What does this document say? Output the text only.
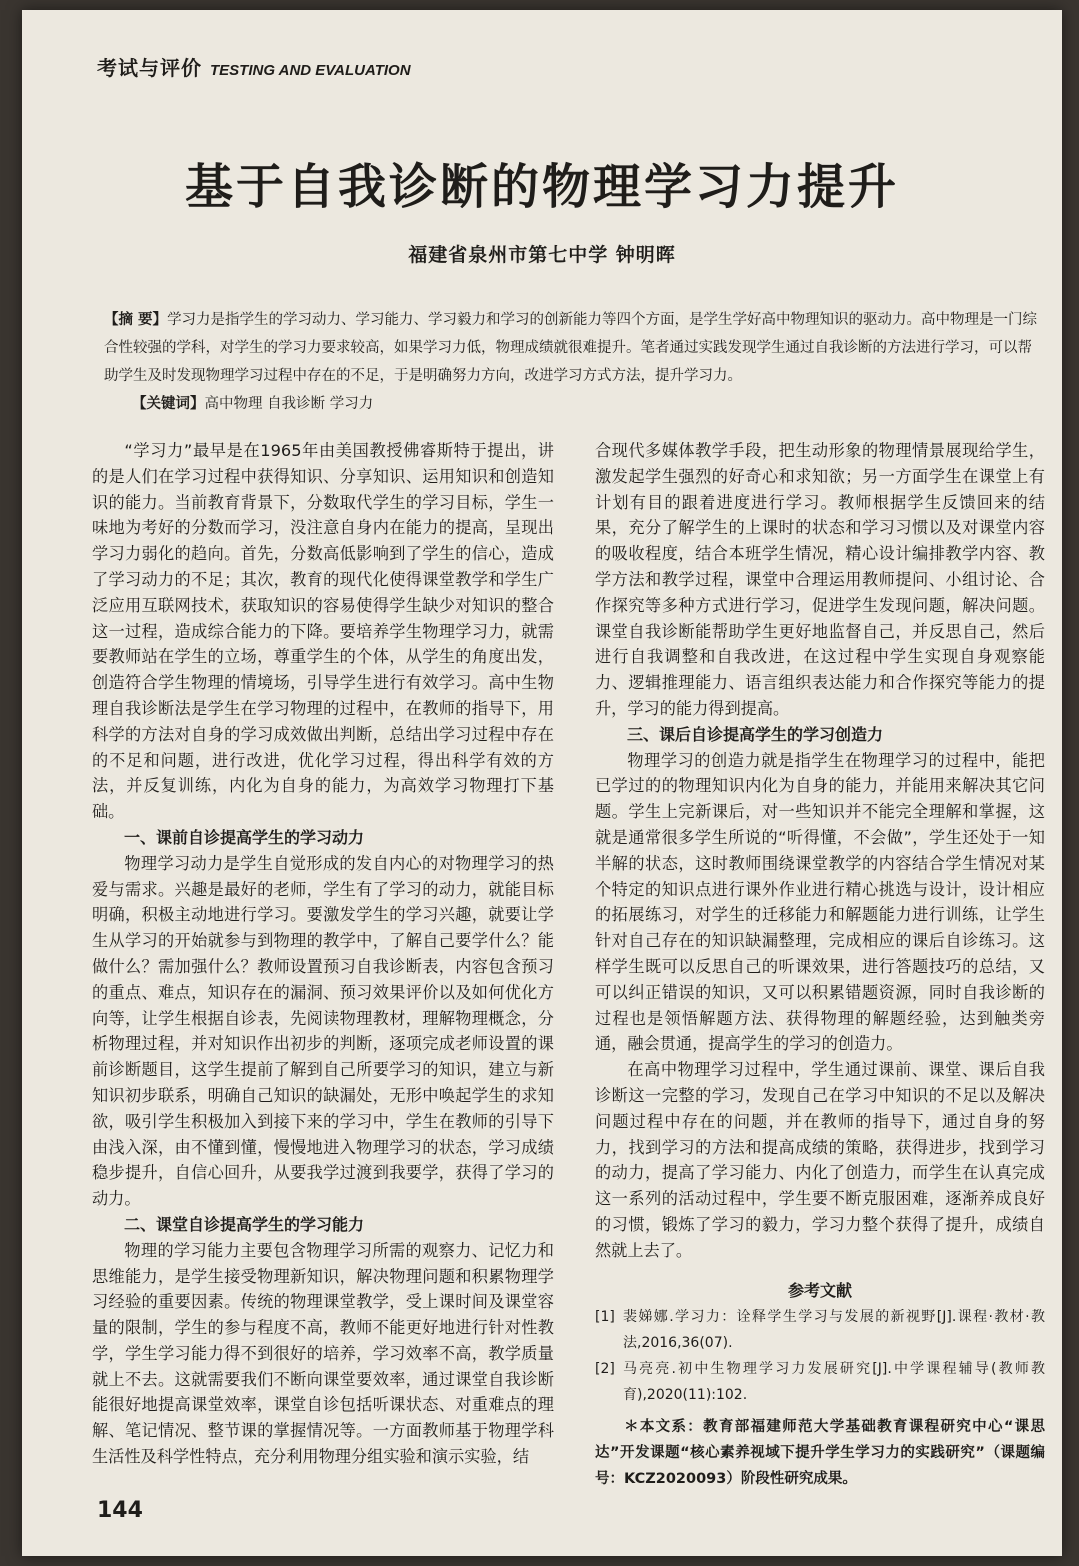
考试与评价 TESTING AND EVALUATION
基于自我诊断的物理学习力提升
福建省泉州市第七中学 钟明晖
【摘 要】学习力是指学生的学习动力、学习能力、学习毅力和学习的创新能力等四个方面，是学生学好高中物理知识的驱动力。高中物理是一门综合性较强的学科，对学生的学习力要求较高，如果学习力低，物理成绩就很难提升。笔者通过实践发现学生通过自我诊断的方法进行学习，可以帮助学生及时发现物理学习过程中存在的不足，于是明确努力方向，改进学习方式方法，提升学习力。
【关键词】高中物理 自我诊断 学习力

“学习力”最早是在1965年由美国教授佛睿斯特于提出，讲的是人们在学习过程中获得知识、分享知识、运用知识和创造知识的能力。当前教育背景下，分数取代学生的学习目标，学生一味地为考好的分数而学习，没注意自身内在能力的提高，呈现出学习力弱化的趋向。首先，分数高低影响到了学生的信心，造成了学习动力的不足；其次，教育的现代化使得课堂教学和学生广泛应用互联网技术，获取知识的容易使得学生缺少对知识的整合这一过程，造成综合能力的下降。要培养学生物理学习力，就需要教师站在学生的立场，尊重学生的个体，从学生的角度出发，创造符合学生物理的情境场，引导学生进行有效学习。高中生物理自我诊断法是学生在学习物理的过程中，在教师的指导下，用科学的方法对自身的学习成效做出判断，总结出学习过程中存在的不足和问题，进行改进，优化学习过程，得出科学有效的方法，并反复训练，内化为自身的能力，为高效学习物理打下基础。

一、课前自诊提高学生的学习动力

物理学习动力是学生自觉形成的发自内心的对物理学习的热爱与需求。兴趣是最好的老师，学生有了学习的动力，就能目标明确，积极主动地进行学习。要激发学生的学习兴趣，就要让学生从学习的开始就参与到物理的教学中，了解自己要学什么？能做什么？需加强什么？教师设置预习自我诊断表，内容包含预习的重点、难点，知识存在的漏洞、预习效果评价以及如何优化方向等，让学生根据自诊表，先阅读物理教材，理解物理概念，分析物理过程，并对知识作出初步的判断，逐项完成老师设置的课前诊断题目，这学生提前了解到自己所要学习的知识，建立与新知识初步联系，明确自己知识的缺漏处，无形中唤起学生的求知欲，吸引学生积极加入到接下来的学习中，学生在教师的引导下由浅入深，由不懂到懂，慢慢地进入物理学习的状态，学习成绩稳步提升，自信心回升，从要我学过渡到我要学，获得了学习的动力。

二、课堂自诊提高学生的学习能力

物理的学习能力主要包含物理学习所需的观察力、记忆力和思维能力，是学生接受物理新知识，解决物理问题和积累物理学习经验的重要因素。传统的物理课堂教学，受上课时间及课堂容量的限制，学生的参与程度不高，教师不能更好地进行针对性教学，学生学习能力得不到很好的培养，学习效率不高，教学质量就上不去。这就需要我们不断向课堂要效率，通过课堂自我诊断能很好地提高课堂效率，课堂自诊包括听课状态、对重难点的理解、笔记情况、整节课的掌握情况等。一方面教师基于物理学科生活性及科学性特点，充分利用物理分组实验和演示实验，结

合现代多媒体教学手段，把生动形象的物理情景展现给学生，激发起学生强烈的好奇心和求知欲；另一方面学生在课堂上有计划有目的跟着进度进行学习。教师根据学生反馈回来的结果，充分了解学生的上课时的状态和学习习惯以及对课堂内容的吸收程度，结合本班学生情况，精心设计编排教学内容、教学方法和教学过程，课堂中合理运用教师提问、小组讨论、合作探究等多种方式进行学习，促进学生发现问题，解决问题。课堂自我诊断能帮助学生更好地监督自己，并反思自己，然后进行自我调整和自我改进，在这过程中学生实现自身观察能力、逻辑推理能力、语言组织表达能力和合作探究等能力的提升，学习的能力得到提高。

三、课后自诊提高学生的学习创造力

物理学习的创造力就是指学生在物理学习的过程中，能把已学过的的物理知识内化为自身的能力，并能用来解决其它问题。学生上完新课后，对一些知识并不能完全理解和掌握，这就是通常很多学生所说的“听得懂，不会做”，学生还处于一知半解的状态，这时教师围绕课堂教学的内容结合学生情况对某个特定的知识点进行课外作业进行精心挑选与设计，设计相应的拓展练习，对学生的迁移能力和解题能力进行训练，让学生针对自己存在的知识缺漏整理，完成相应的课后自诊练习。这样学生既可以反思自己的听课效果，进行答题技巧的总结，又可以纠正错误的知识，又可以积累错题资源，同时自我诊断的过程也是领悟解题方法、获得物理的解题经验，达到触类旁通，融会贯通，提高学生的学习的创造力。

在高中物理学习过程中，学生通过课前、课堂、课后自我诊断这一完整的学习，发现自己在学习中知识的不足以及解决问题过程中存在的问题，并在教师的指导下，通过自身的努力，找到学习的方法和提高成绩的策略，获得进步，找到学习的动力，提高了学习能力、内化了创造力，而学生在认真完成这一系列的活动过程中，学生要不断克服困难，逐渐养成良好的习惯，锻炼了学习的毅力，学习力整个获得了提升，成绩自然就上去了。

参考文献
[1] 裴娣娜.学习力：诠释学生学习与发展的新视野[J].课程·教材·教法,2016,36(07).
[2] 马亮亮.初中生物理学习力发展研究[J].中学课程辅导(教师教育),2020(11):102.
＊本文系：教育部福建师范大学基础教育课程研究中心“课思达”开发课题“核心素养视域下提升学生学习力的实践研究”（课题编号：KCZ2020093）阶段性研究成果。
144
